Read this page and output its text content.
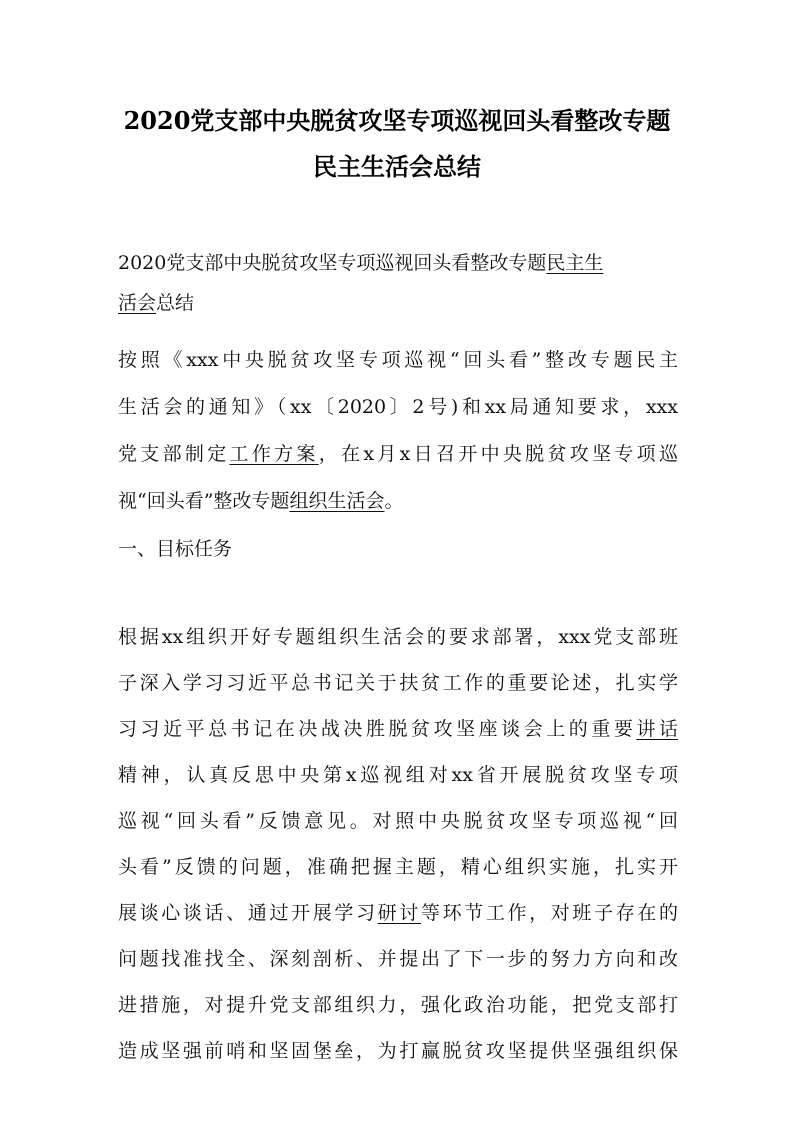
2020党支部中央脱贫攻坚专项巡视回头看整改专题
民主生活会总结
2020党支部中央脱贫攻坚专项巡视回头看整改专题民主生
活会总结
按照《xxx中央脱贫攻坚专项巡视“回头看”整改专题民主
生活会的通知》（xx〔2020〕2号)和xx局通知要求，xxx
党支部制定工作方案，在x月x日召开中央脱贫攻坚专项巡
视“回头看”整改专题组织生活会。
一、目标任务
根据xx组织开好专题组织生活会的要求部署，xxx党支部班
子深入学习习近平总书记关于扶贫工作的重要论述，扎实学
习习近平总书记在决战决胜脱贫攻坚座谈会上的重要讲话
精神，认真反思中央第x巡视组对xx省开展脱贫攻坚专项
巡视“回头看”反馈意见。对照中央脱贫攻坚专项巡视“回
头看”反馈的问题，准确把握主题，精心组织实施，扎实开
展谈心谈话、通过开展学习研讨等环节工作，对班子存在的
问题找准找全、深刻剖析、并提出了下一步的努力方向和改
进措施，对提升党支部组织力，强化政治功能，把党支部打
造成坚强前哨和坚固堡垒，为打赢脱贫攻坚提供坚强组织保
